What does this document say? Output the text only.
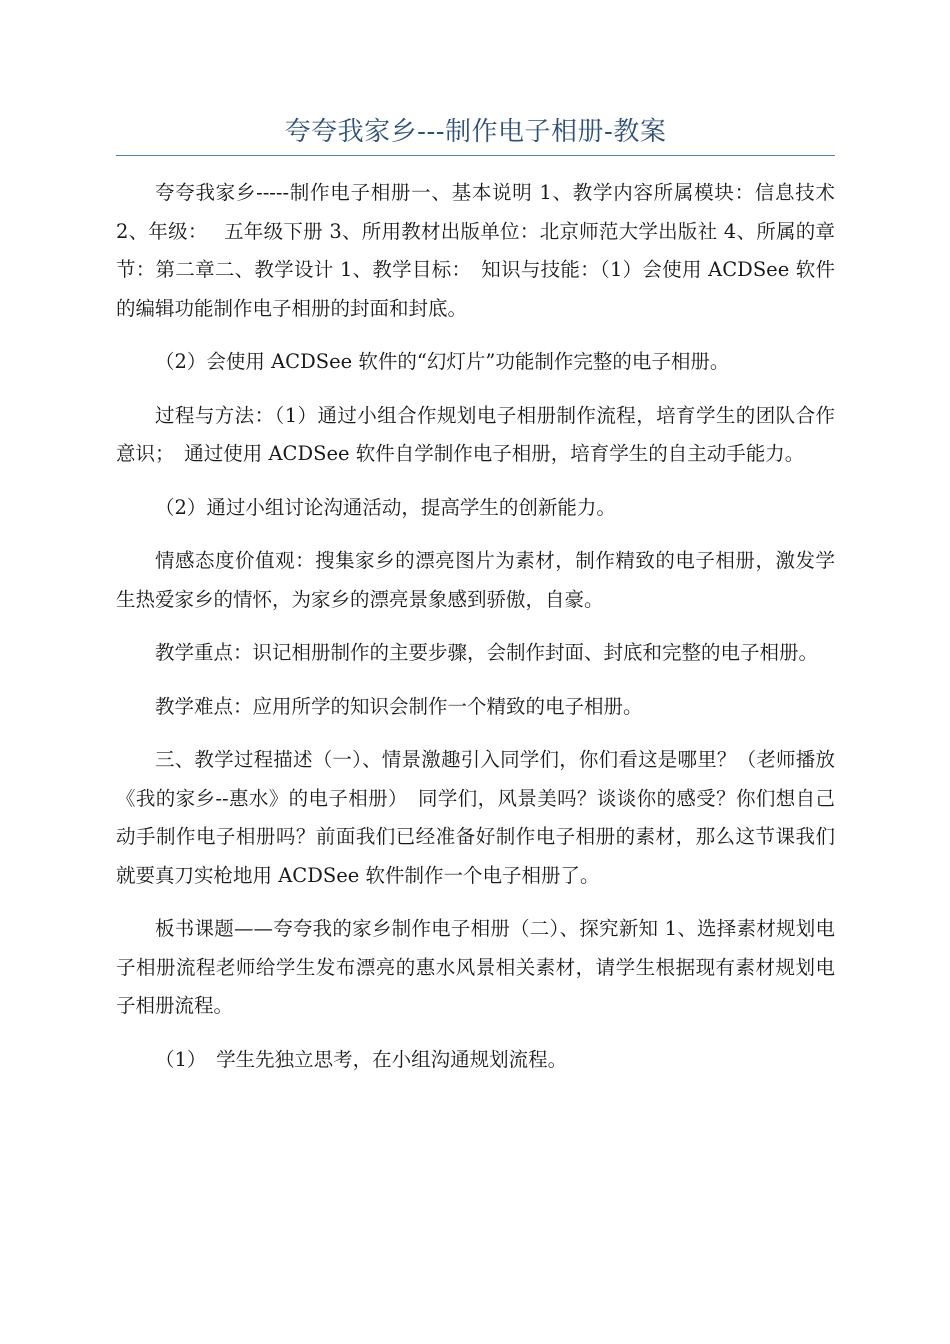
夸夸我家乡---制作电子相册-教案

夸夸我家乡-----制作电子相册一、基本说明 1、教学内容所属模块：信息技术 2、年级：　 五年级下册 3、所用教材出版单位：北京师范大学出版社 4、所属的章节：第二章二、教学设计 1、教学目标：　知识与技能：（1）会使用 ACDSee 软件的编辑功能制作电子相册的封面和封底。

（2）会使用 ACDSee 软件的“幻灯片”功能制作完整的电子相册。

过程与方法：（1）通过小组合作规划电子相册制作流程，培育学生的团队合作意识；　通过使用 ACDSee 软件自学制作电子相册，培育学生的自主动手能力。

（2）通过小组讨论沟通活动，提高学生的创新能力。

情感态度价值观：搜集家乡的漂亮图片为素材，制作精致的电子相册，激发学生热爱家乡的情怀，为家乡的漂亮景象感到骄傲，自豪。

教学重点：识记相册制作的主要步骤，会制作封面、封底和完整的电子相册。

教学难点：应用所学的知识会制作一个精致的电子相册。

三、教学过程描述（一）、情景激趣引入同学们，你们看这是哪里？（老师播放《我的家乡--惠水》的电子相册）　同学们，风景美吗？谈谈你的感受？你们想自己动手制作电子相册吗？前面我们已经准备好制作电子相册的素材，那么这节课我们就要真刀实枪地用 ACDSee 软件制作一个电子相册了。

板书课题——夸夸我的家乡制作电子相册（二）、探究新知 1、选择素材规划电子相册流程老师给学生发布漂亮的惠水风景相关素材，请学生根据现有素材规划电子相册流程。

（1）　学生先独立思考，在小组沟通规划流程。
